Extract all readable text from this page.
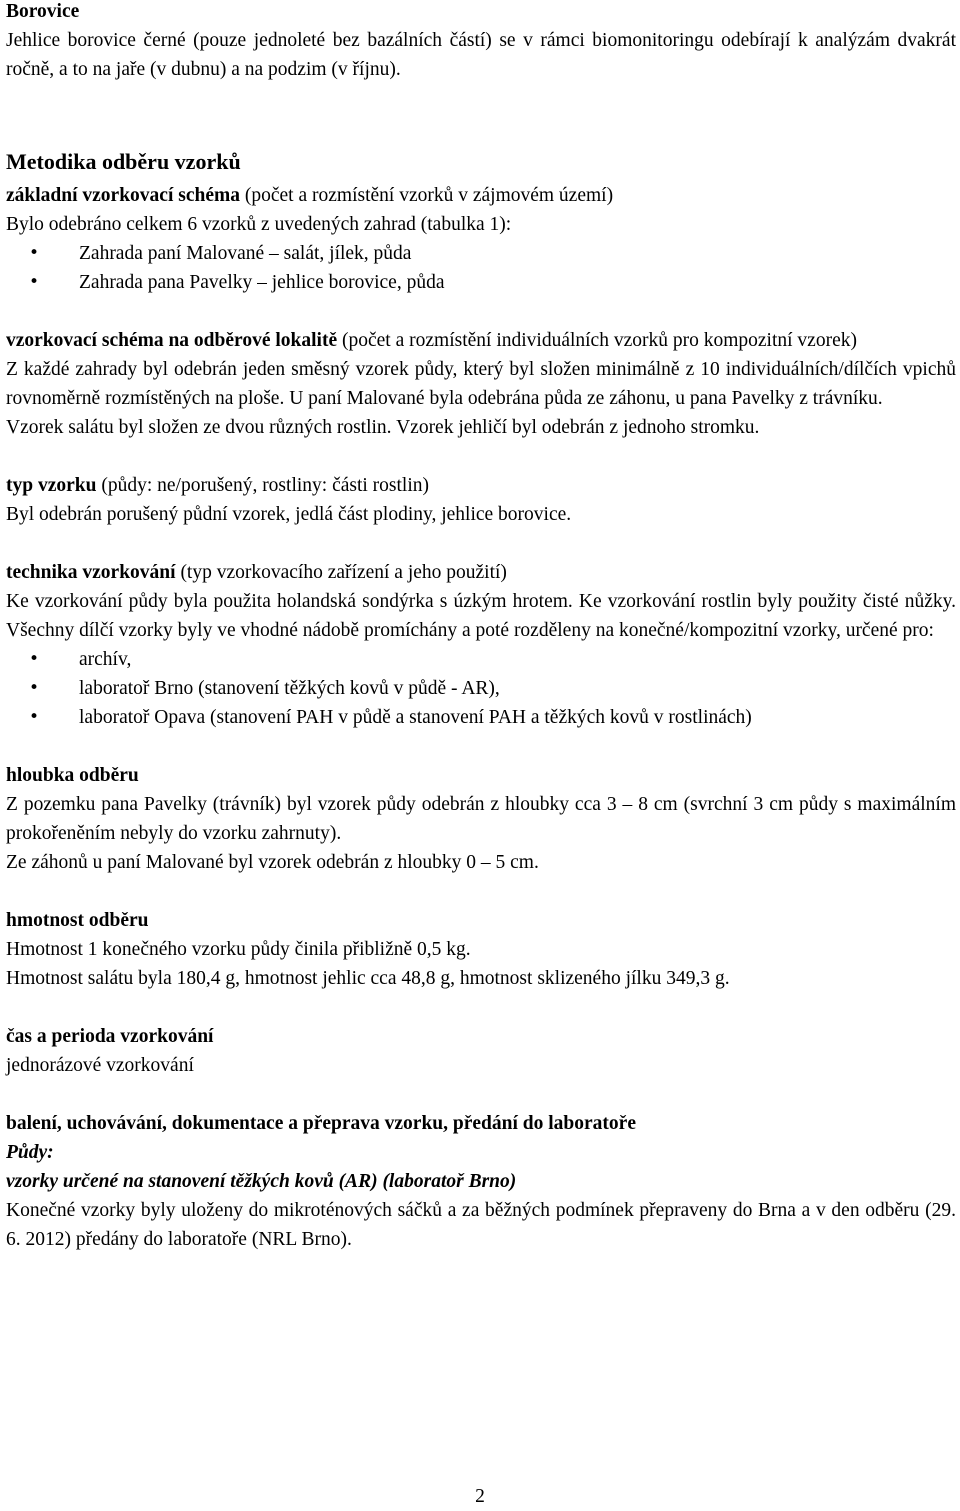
Borovice

Jehlice borovice černé (pouze jednoleté bez bazálních částí) se v rámci biomonitoringu odebírají k analýzám dvakrát ročně, a to na jaře (v dubnu) a na podzim (v říjnu).

Metodika odběru vzorků

základní vzorkovací schéma (počet a rozmístění vzorků v zájmovém území)

Bylo odebráno celkem 6 vzorků z uvedených zahrad (tabulka 1):

• Zahrada paní Malované – salát, jílek, půda
• Zahrada pana Pavelky – jehlice borovice, půda

vzorkovací schéma na odběrové lokalitě (počet a rozmístění individuálních vzorků pro kompozitní vzorek)

Z každé zahrady byl odebrán jeden směsný vzorek půdy, který byl složen minimálně z 10 individuálních/dílčích vpichů rovnoměrně rozmístěných na ploše. U paní Malované byla odebrána půda ze záhonu, u pana Pavelky z trávníku.

Vzorek salátu byl složen ze dvou různých rostlin. Vzorek jehličí byl odebrán z jednoho stromku.

typ vzorku (půdy: ne/porušený, rostliny: části rostlin)

Byl odebrán porušený půdní vzorek, jedlá část plodiny, jehlice borovice.

technika vzorkování (typ vzorkovacího zařízení a jeho použití)

Ke vzorkování půdy byla použita holandská sondýrka s úzkým hrotem. Ke vzorkování rostlin byly použity čisté nůžky. Všechny dílčí vzorky byly ve vhodné nádobě promíchány a poté rozděleny na konečné/kompozitní vzorky, určené pro:

• archív,
• laboratoř Brno (stanovení těžkých kovů v půdě - AR),
• laboratoř Opava (stanovení PAH v půdě a stanovení PAH a těžkých kovů v rostlinách)

hloubka odběru

Z pozemku pana Pavelky (trávník) byl vzorek půdy odebrán z hloubky cca 3 – 8 cm (svrchní 3 cm půdy s maximálním prokořeněním nebyly do vzorku zahrnuty).

Ze záhonů u paní Malované byl vzorek odebrán z hloubky 0 – 5 cm.

hmotnost odběru

Hmotnost 1 konečného vzorku půdy činila přibližně 0,5 kg.

Hmotnost salátu byla 180,4 g, hmotnost jehlic cca 48,8 g, hmotnost sklizeného jílku 349,3 g.

čas a perioda vzorkování

jednorázové vzorkování

balení, uchovávání, dokumentace a přeprava vzorku, předání do laboratoře

Půdy:

vzorky určené na stanovení těžkých kovů (AR) (laboratoř Brno)

Konečné vzorky byly uloženy do mikroténových sáčků a za běžných podmínek přepraveny do Brna a v den odběru (29. 6. 2012) předány do laboratoře (NRL Brno).

2
